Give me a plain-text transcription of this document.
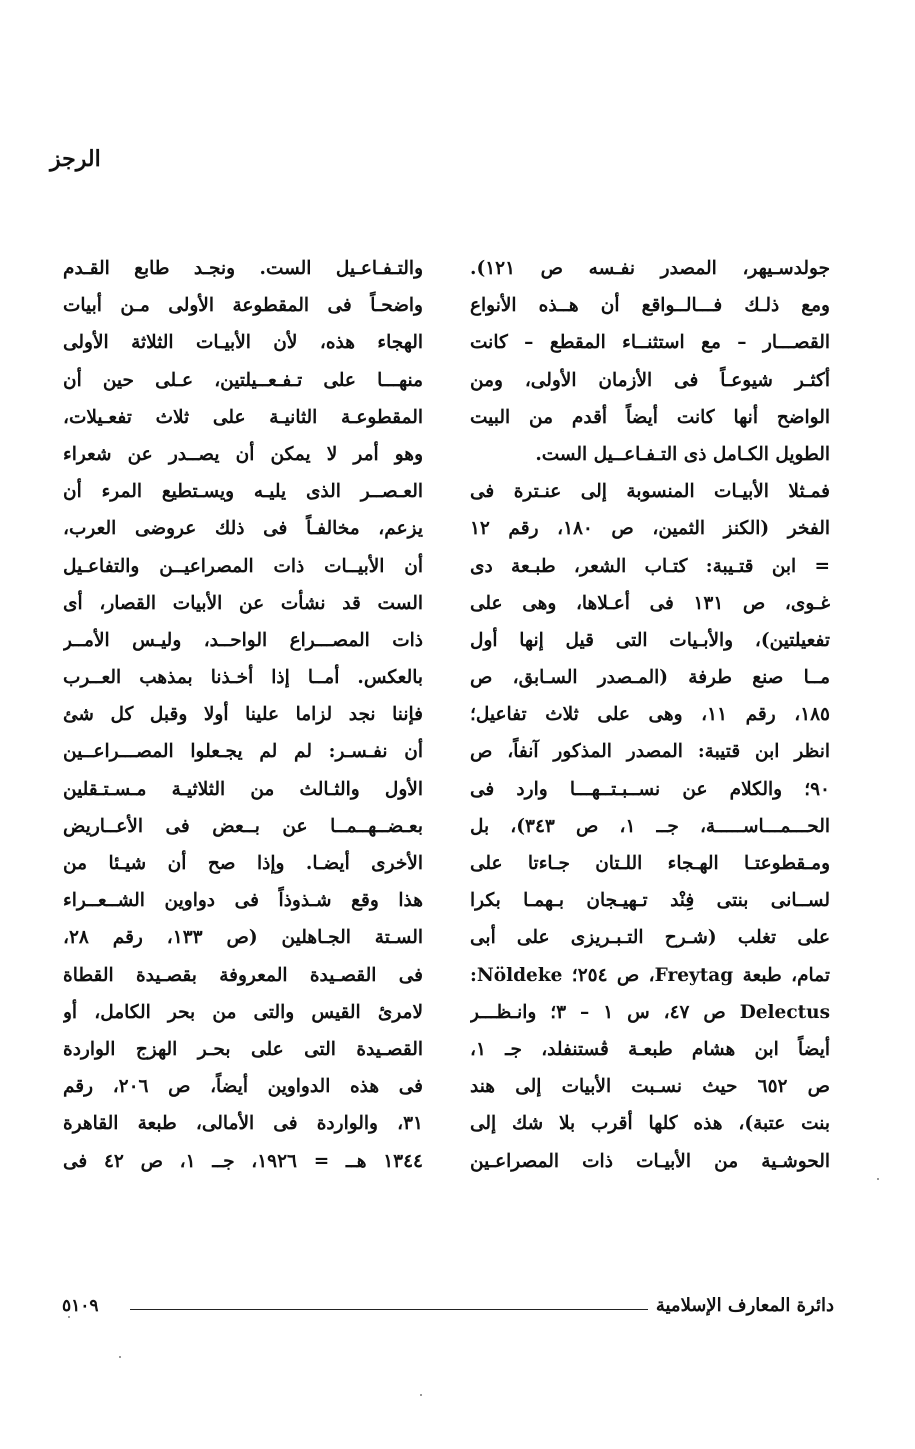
الرجز
جولدسـيهر، المصدر نفـسه ص ١٢١).
ومع ذلـك فـــالــواقع أن هــذه الأنواع
القصـــار – مع استثنــاء المقطع – كانت
أكثـر شيوعـاً فى الأزمان الأولى، ومن
الواضح أنها كانت أيضاً أقدم من البيت
الطويل الكـامل ذى التـفـاعــيل الست.
فمـثلا الأبيـات المنسوبة إلى عنـترة فى
الفخر (الكنز الثمين، ص ١٨٠، رقم ١٢
= ابن قتـيبة: كتـاب الشعر، طبـعة دى
غـوى، ص ١٣١ فى أعـلاها، وهى على
تفعيلتين)، والأبـيات التى قيل إنها أول
مــا صنع طرفة (المـصدر السـابق، ص
١٨٥، رقم ١١، وهى على ثلاث تفاعيل؛
انظر ابن قتيبة: المصدر المذكور آنفاً، ص
٩٠؛ والكلام عن نســبـتــهـــا وارد فى
الحـــمـــاســـــة، جــ ١، ص ٣٤٣)، بل
ومـقطوعتـا الهـجاء اللـتان جـاءتا على
لســانى بنتى فِنْد تـهيـجان بـهمـا بكرا
على تغلب (شـرح التـبـريزى على أبى
تمام، طبعة Freytag، ص ٢٥٤؛ Nöldeke:
Delectus ص ٤٧، س ١ – ٣؛ وانـظـــر
أيضاً ابن هشام طبعـة ڤستنفلد، جـ ١،
ص ٦٥٢ حيث نسـبت الأبيات إلى هند
بنت عتبة)، هذه كلها أقرب بلا شك إلى
الحوشـية من الأبيـات ذات المصراعـين
والتـفـاعـيل الست. ونجـد طابع القـدم
واضحـاً فى المقطوعة الأولى مـن أبيات
الهجاء هذه، لأن الأبيـات الثلاثة الأولى
منهـــا على تـفـعــيلتين، عـلى حين أن
المقطوعـة الثانيـة على ثلاث تفعـيلات،
وهو أمر لا يمكن أن يصــدر عن شعراء
العـصــر الذى يليـه ويسـتطيع المرء أن
يزعم، مخالفـاً فى ذلك عروضى العرب،
أن الأبيــات ذات المصراعيــن والتفاعـيل
الست قد نشأت عن الأبيات القصار، أى
ذات المصـــراع الواحــد، وليـس الأمــر
بالعكس. أمــا إذا أخـذنا بمذهب العــرب
فإننا نجد لزاما علينا أولا وقبل كل شئ
أن نفـسـر: لم لم يجـعلوا المصـــراعــين
الأول والثـالث من الثلاثيـة مـسـتـقلين
بعـضــهــمــا عن بــعض فى الأعــاريض
الأخرى أيضـا. وإذا صح أن شيـئا من
هذا وقع شـذوذاً فى دواوين الشــعــراء
السـتة الجـاهلين (ص ١٣٣، رقم ٢٨،
فى القصـيدة المعروفة بقصـيدة القطاة
لامرئ القيس والتى من بحر الكامل، أو
القصـيدة التى على بحـر الهزج الواردة
فى هذه الدواوين أيضاً، ص ٢٠٦، رقم
٣١، والواردة فى الأمالى، طبعة القاهرة
١٣٤٤ هــ = ١٩٢٦، جــ ١، ص ٤٢ فى
دائرة المعارف الإسلامية
٥١٠٩
